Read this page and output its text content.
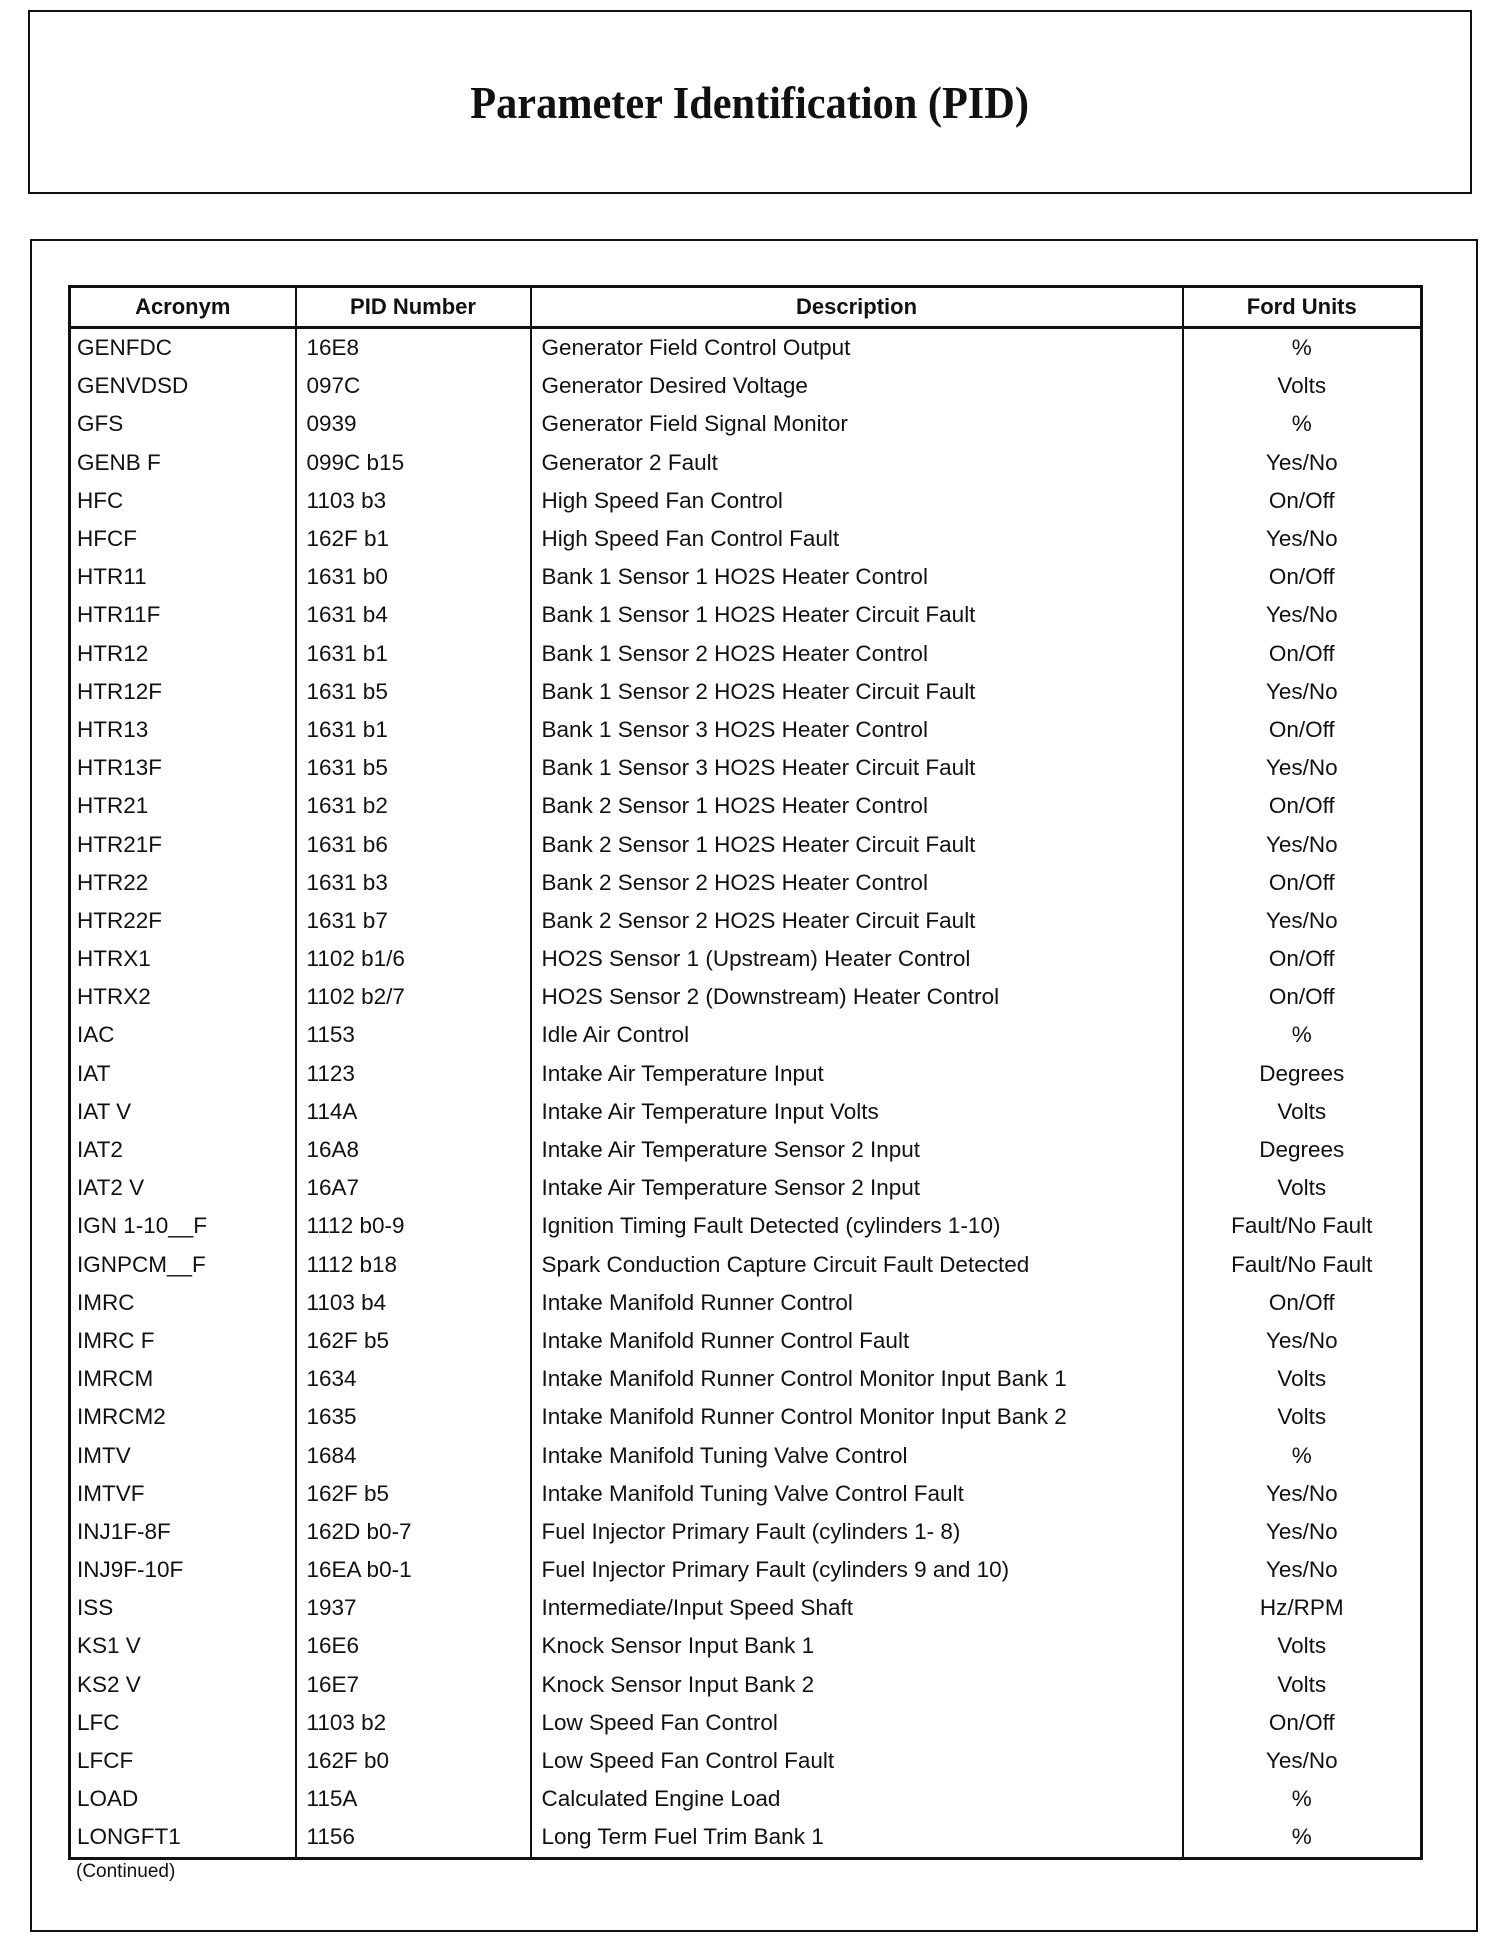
Parameter Identification (PID)
Acronym	PID Number	Description	Ford Units
GENFDC	16E8	Generator Field Control Output	%
GENVDSD	097C	Generator Desired Voltage	Volts
GFS	0939	Generator Field Signal Monitor	%
GENB F	099C b15	Generator 2 Fault	Yes/No
HFC	1103 b3	High Speed Fan Control	On/Off
HFCF	162F b1	High Speed Fan Control Fault	Yes/No
HTR11	1631 b0	Bank 1 Sensor 1 HO2S Heater Control	On/Off
HTR11F	1631 b4	Bank 1 Sensor 1 HO2S Heater Circuit Fault	Yes/No
HTR12	1631 b1	Bank 1 Sensor 2 HO2S Heater Control	On/Off
HTR12F	1631 b5	Bank 1 Sensor 2 HO2S Heater Circuit Fault	Yes/No
HTR13	1631 b1	Bank 1 Sensor 3 HO2S Heater Control	On/Off
HTR13F	1631 b5	Bank 1 Sensor 3 HO2S Heater Circuit Fault	Yes/No
HTR21	1631 b2	Bank 2 Sensor 1 HO2S Heater Control	On/Off
HTR21F	1631 b6	Bank 2 Sensor 1 HO2S Heater Circuit Fault	Yes/No
HTR22	1631 b3	Bank 2 Sensor 2 HO2S Heater Control	On/Off
HTR22F	1631 b7	Bank 2 Sensor 2 HO2S Heater Circuit Fault	Yes/No
HTRX1	1102 b1/6	HO2S Sensor 1 (Upstream) Heater Control	On/Off
HTRX2	1102 b2/7	HO2S Sensor 2 (Downstream) Heater Control	On/Off
IAC	1153	Idle Air Control	%
IAT	1123	Intake Air Temperature Input	Degrees
IAT V	114A	Intake Air Temperature Input Volts	Volts
IAT2	16A8	Intake Air Temperature Sensor 2 Input	Degrees
IAT2 V	16A7	Intake Air Temperature Sensor 2 Input	Volts
IGN 1-10__F	1112 b0-9	Ignition Timing Fault Detected (cylinders 1-10)	Fault/No Fault
IGNPCM__F	1112 b18	Spark Conduction Capture Circuit Fault Detected	Fault/No Fault
IMRC	1103 b4	Intake Manifold Runner Control	On/Off
IMRC F	162F b5	Intake Manifold Runner Control Fault	Yes/No
IMRCM	1634	Intake Manifold Runner Control Monitor Input Bank 1	Volts
IMRCM2	1635	Intake Manifold Runner Control Monitor Input Bank 2	Volts
IMTV	1684	Intake Manifold Tuning Valve Control	%
IMTVF	162F b5	Intake Manifold Tuning Valve Control Fault	Yes/No
INJ1F-8F	162D b0-7	Fuel Injector Primary Fault (cylinders 1- 8)	Yes/No
INJ9F-10F	16EA b0-1	Fuel Injector Primary Fault (cylinders 9 and 10)	Yes/No
ISS	1937	Intermediate/Input Speed Shaft	Hz/RPM
KS1 V	16E6	Knock Sensor Input Bank 1	Volts
KS2 V	16E7	Knock Sensor Input Bank 2	Volts
LFC	1103 b2	Low Speed Fan Control	On/Off
LFCF	162F b0	Low Speed Fan Control Fault	Yes/No
LOAD	115A	Calculated Engine Load	%
LONGFT1	1156	Long Term Fuel Trim Bank 1	%
(Continued)
